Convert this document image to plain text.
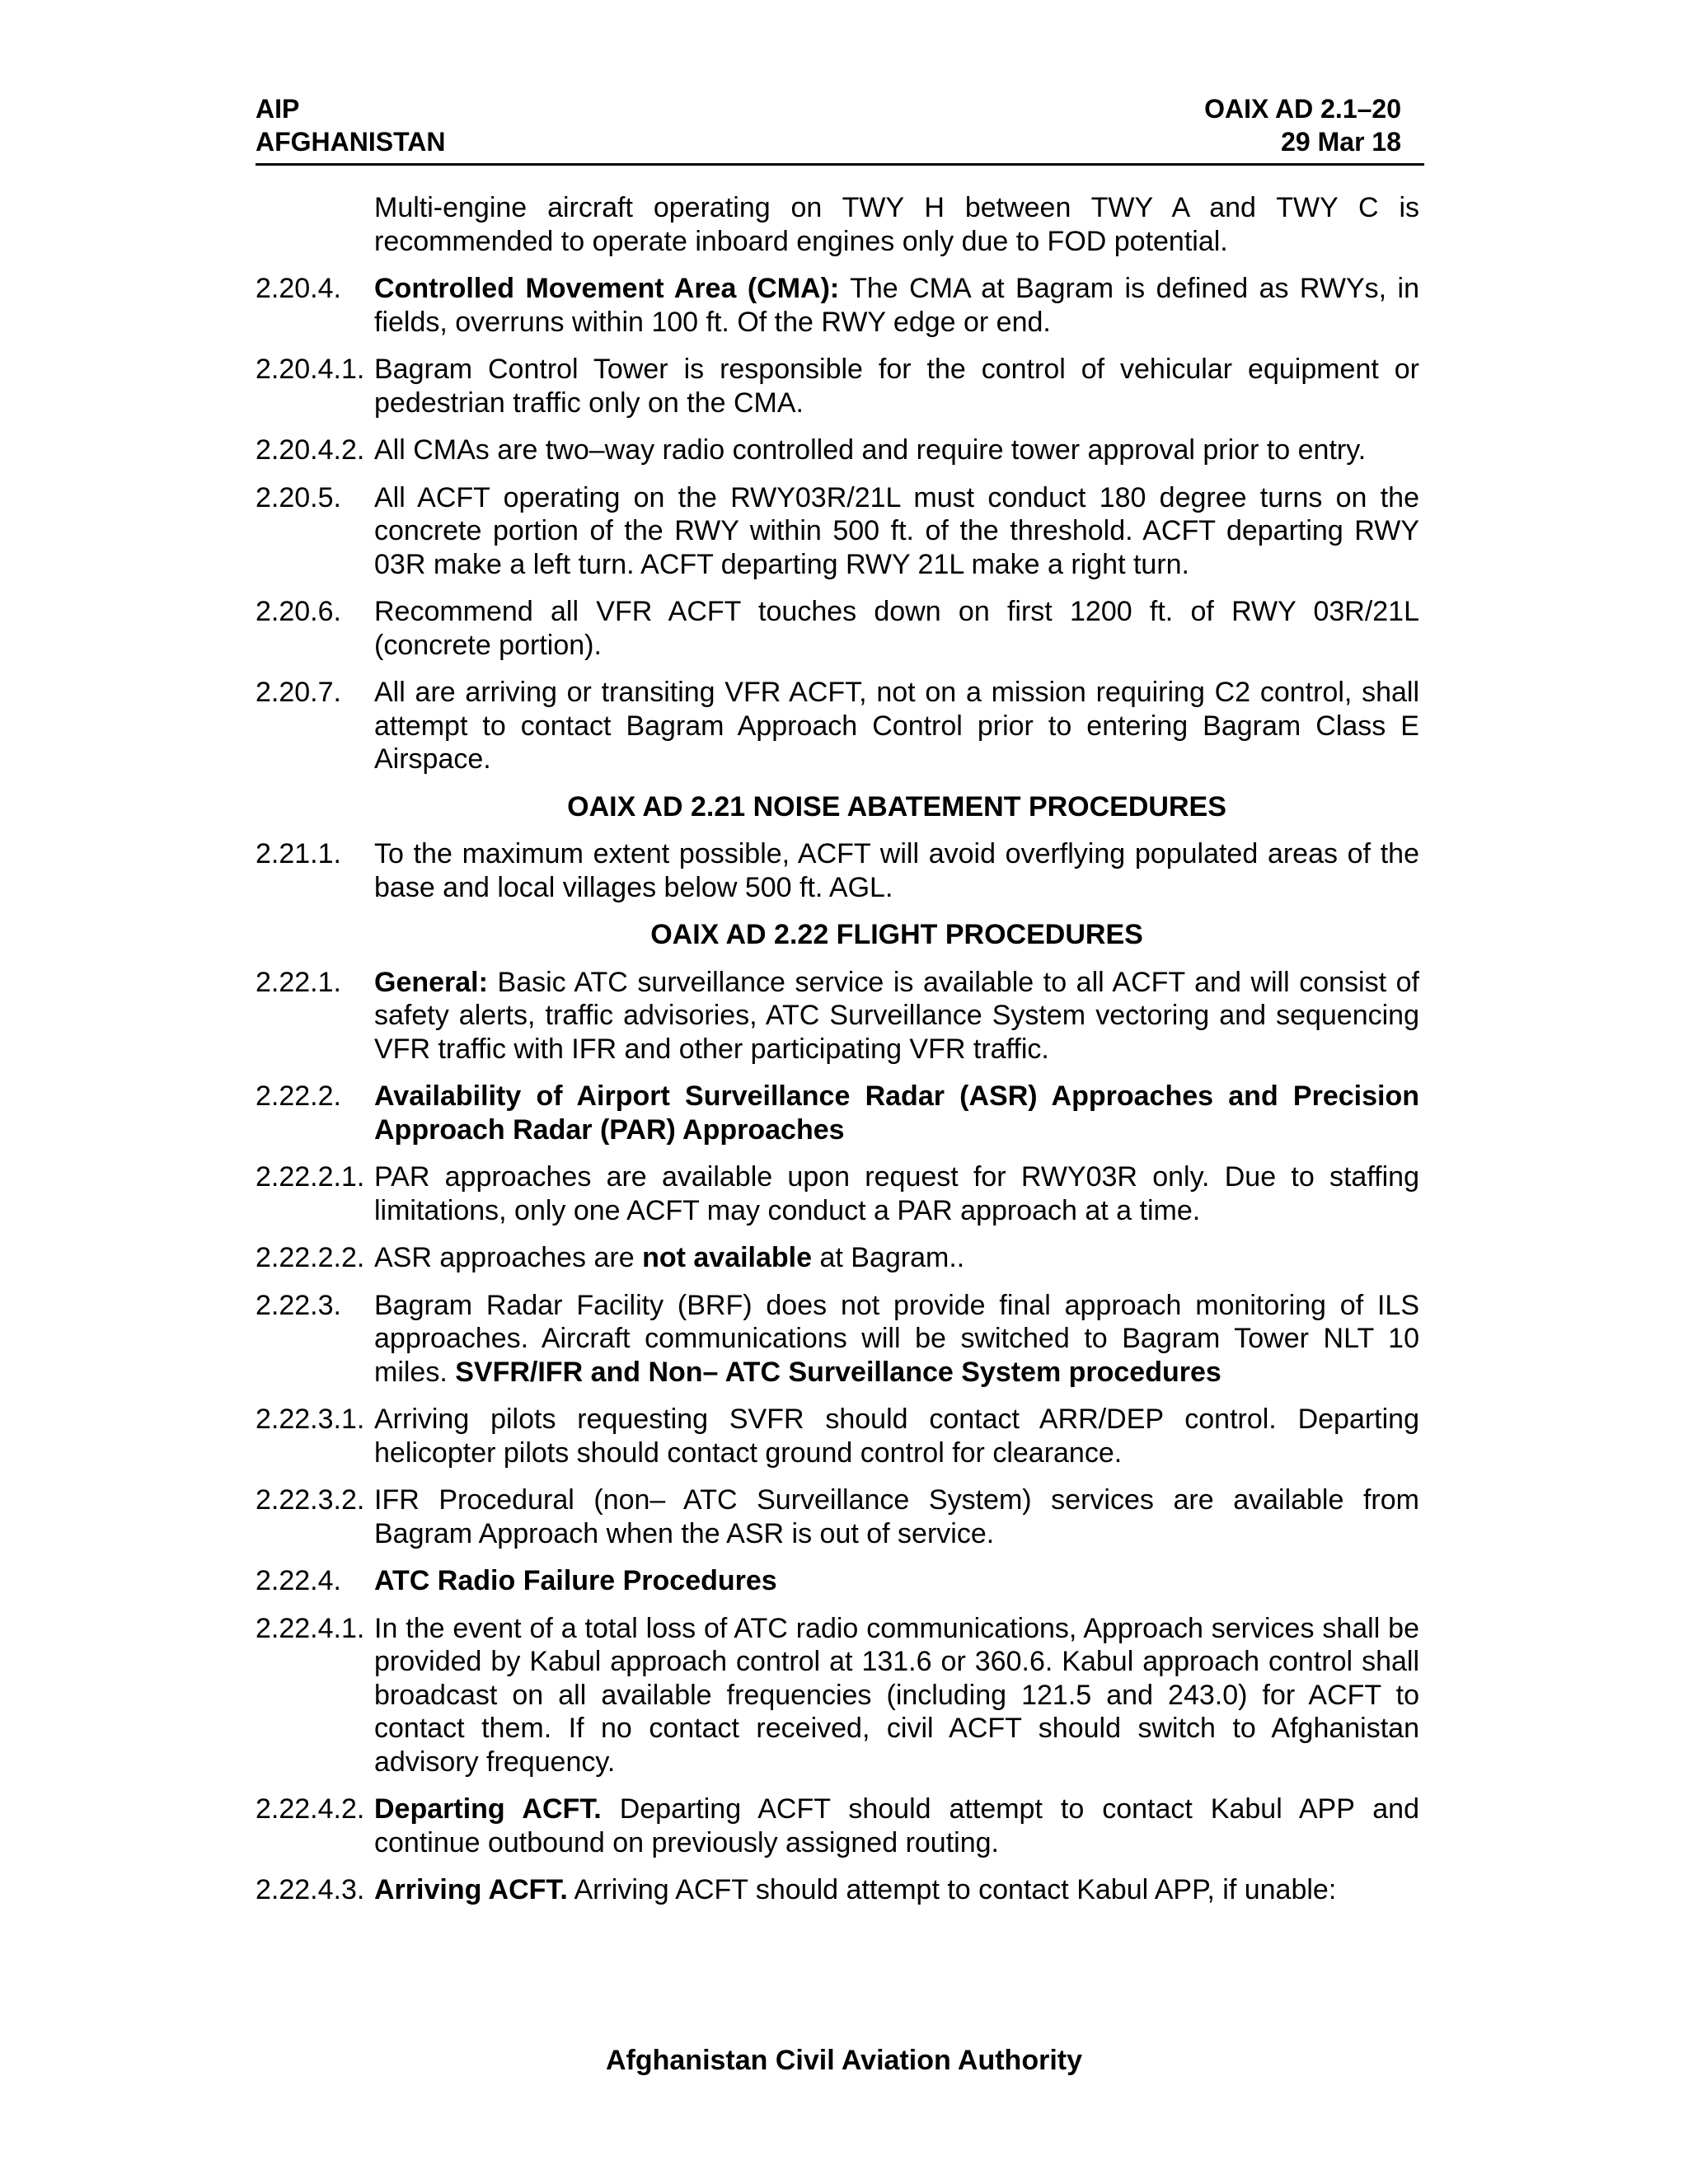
AIP
AFGHANISTAN
OAIX AD 2.1–20
29 Mar 18
Multi-engine aircraft operating on TWY H between TWY A and TWY C is recommended to operate inboard engines only due to FOD potential.
2.20.4.	Controlled Movement Area (CMA): The CMA at Bagram is defined as RWYs, in fields, overruns within 100 ft. Of the RWY edge or end.
2.20.4.1. Bagram Control Tower is responsible for the control of vehicular equipment or pedestrian traffic only on the CMA.
2.20.4.2. All CMAs are two–way radio controlled and require tower approval prior to entry.
2.20.5.	All ACFT operating on the RWY03R/21L must conduct 180 degree turns on the concrete portion of the RWY within 500 ft. of the threshold. ACFT departing RWY 03R make a left turn. ACFT departing RWY 21L make a right turn.
2.20.6.	Recommend all VFR ACFT touches down on first 1200 ft. of RWY 03R/21L (concrete portion).
2.20.7.	All are arriving or transiting VFR ACFT, not on a mission requiring C2 control, shall attempt to contact Bagram Approach Control prior to entering Bagram Class E Airspace.
OAIX AD 2.21 NOISE ABATEMENT PROCEDURES
2.21.1.	To the maximum extent possible, ACFT will avoid overflying populated areas of the base and local villages below 500 ft. AGL.
OAIX AD 2.22 FLIGHT PROCEDURES
2.22.1.	General: Basic ATC surveillance service is available to all ACFT and will consist of safety alerts, traffic advisories, ATC Surveillance System vectoring and sequencing VFR traffic with IFR and other participating VFR traffic.
2.22.2.	Availability of Airport Surveillance Radar (ASR) Approaches and Precision Approach Radar (PAR) Approaches
2.22.2.1. PAR approaches are available upon request for RWY03R only. Due to staffing limitations, only one ACFT may conduct a PAR approach at a time.
2.22.2.2. ASR approaches are not available at Bagram..
2.22.3.	Bagram Radar Facility (BRF) does not provide final approach monitoring of ILS approaches. Aircraft communications will be switched to Bagram Tower NLT 10 miles. SVFR/IFR and Non– ATC Surveillance System procedures
2.22.3.1. Arriving pilots requesting SVFR should contact ARR/DEP control. Departing helicopter pilots should contact ground control for clearance.
2.22.3.2. IFR Procedural (non– ATC Surveillance System) services are available from Bagram Approach when the ASR is out of service.
2.22.4.	ATC Radio Failure Procedures
2.22.4.1. In the event of a total loss of ATC radio communications, Approach services shall be provided by Kabul approach control at 131.6 or 360.6. Kabul approach control shall broadcast on all available frequencies (including 121.5 and 243.0) for ACFT to contact them. If no contact received, civil ACFT should switch to Afghanistan advisory frequency.
2.22.4.2. Departing ACFT. Departing ACFT should attempt to contact Kabul APP and continue outbound on previously assigned routing.
2.22.4.3. Arriving ACFT. Arriving ACFT should attempt to contact Kabul APP, if unable:
Afghanistan Civil Aviation Authority
